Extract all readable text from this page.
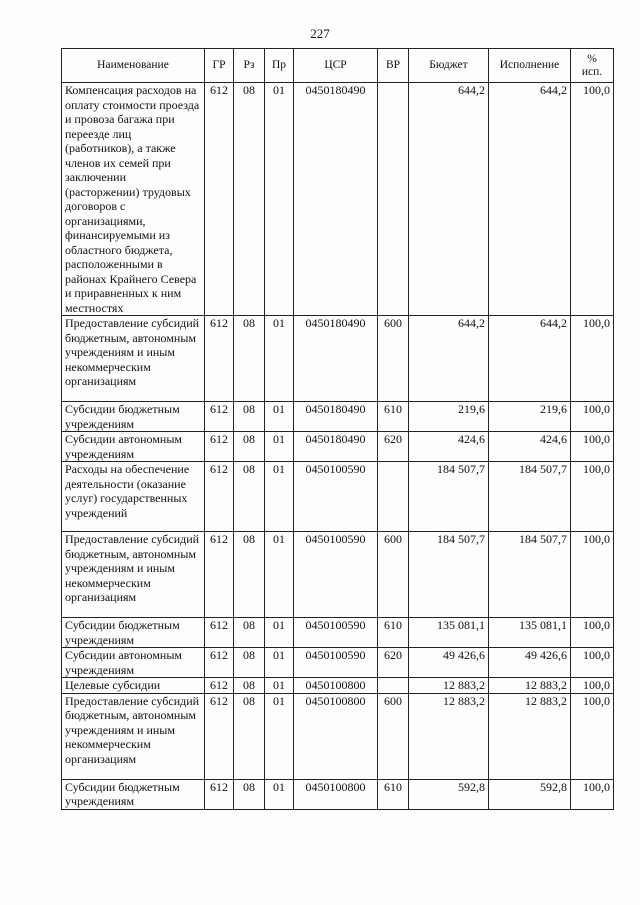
227
Наименование	ГР	Рз	Пр	ЦСР	ВР	Бюджет	Исполнение	%
исп.
Компенсация расходов на оплату стоимости проезда и провоза багажа при переезде лиц (работников), а также членов их семей при заключении (расторжении) трудовых договоров с организациями, финансируемыми из областного бюджета, расположенными в районах Крайнего Севера и приравненных к ним местностях	612	08	01	0450180490		644,2	644,2	100,0
Предоставление субсидий бюджетным, автономным учреждениям и иным некоммерческим организациям	612	08	01	0450180490	600	644,2	644,2	100,0
Субсидии бюджетным учреждениям	612	08	01	0450180490	610	219,6	219,6	100,0
Субсидии автономным учреждениям	612	08	01	0450180490	620	424,6	424,6	100,0
Расходы на обеспечение деятельности (оказание услуг) государственных учреждений	612	08	01	0450100590		184 507,7	184 507,7	100,0
Предоставление субсидий бюджетным, автономным учреждениям и иным некоммерческим организациям	612	08	01	0450100590	600	184 507,7	184 507,7	100,0
Субсидии бюджетным учреждениям	612	08	01	0450100590	610	135 081,1	135 081,1	100,0
Субсидии автономным учреждениям	612	08	01	0450100590	620	49 426,6	49 426,6	100,0
Целевые субсидии	612	08	01	0450100800		12 883,2	12 883,2	100,0
Предоставление субсидий бюджетным, автономным учреждениям и иным некоммерческим организациям	612	08	01	0450100800	600	12 883,2	12 883,2	100,0
Субсидии бюджетным учреждениям	612	08	01	0450100800	610	592,8	592,8	100,0
